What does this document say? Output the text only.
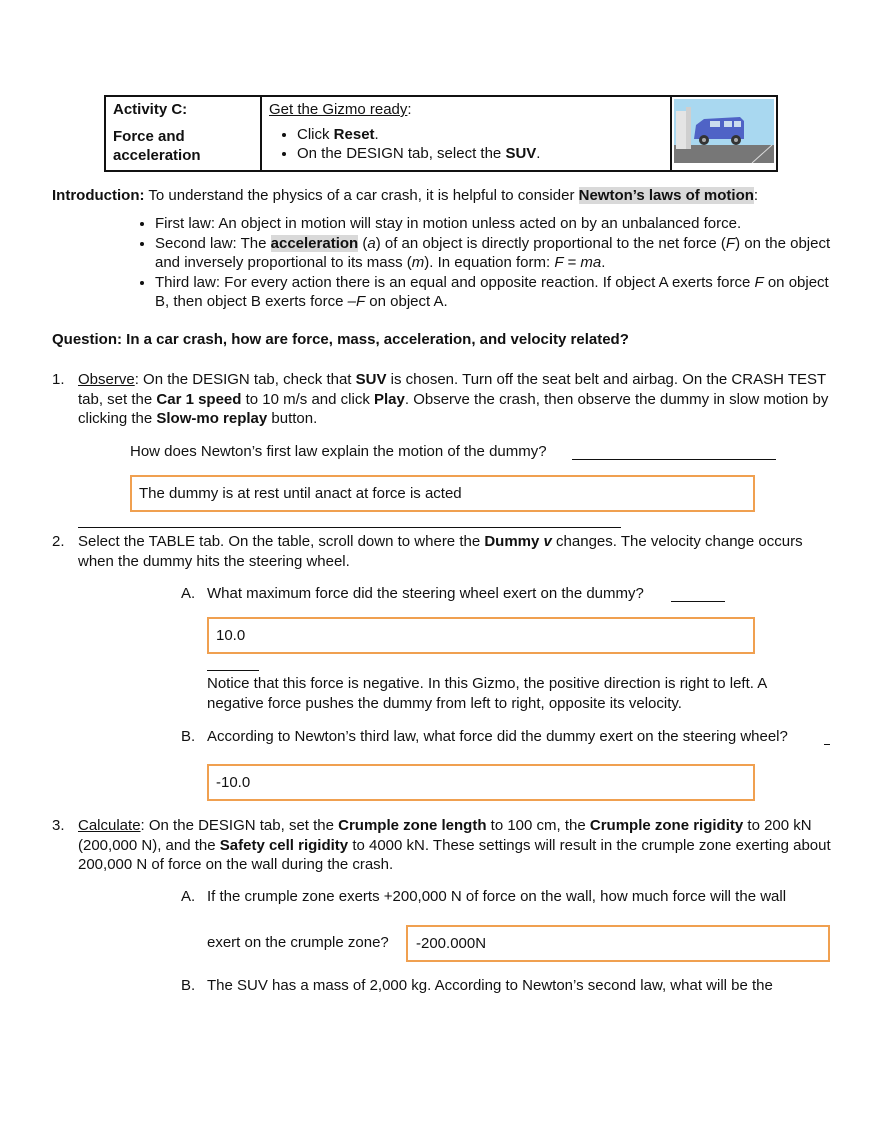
Activity C:
Force and acceleration

Get the Gizmo ready:
• Click Reset.
• On the DESIGN tab, select the SUV.

Introduction: To understand the physics of a car crash, it is helpful to consider Newton’s laws of motion:
• First law: An object in motion will stay in motion unless acted on by an unbalanced force.
• Second law: The acceleration (a) of an object is directly proportional to the net force (F) on the object and inversely proportional to its mass (m). In equation form: F = ma.
• Third law: For every action there is an equal and opposite reaction. If object A exerts force F on object B, then object B exerts force –F on object A.
Question: In a car crash, how are force, mass, acceleration, and velocity related?
1. Observe: On the DESIGN tab, check that SUV is chosen. Turn off the seat belt and airbag. On the CRASH TEST tab, set the Car 1 speed to 10 m/s and click Play. Observe the crash, then observe the dummy in slow motion by clicking the Slow-mo replay button.
How does Newton’s first law explain the motion of the dummy?
The dummy is at rest until anact at force is acted
2. Select the TABLE tab. On the table, scroll down to where the Dummy v changes. The velocity change occurs when the dummy hits the steering wheel.
A. What maximum force did the steering wheel exert on the dummy?
10.0
Notice that this force is negative. In this Gizmo, the positive direction is right to left. A negative force pushes the dummy from left to right, opposite its velocity.
B. According to Newton’s third law, what force did the dummy exert on the steering wheel?
-10.0
3. Calculate: On the DESIGN tab, set the Crumple zone length to 100 cm, the Crumple zone rigidity to 200 kN (200,000 N), and the Safety cell rigidity to 4000 kN. These settings will result in the crumple zone exerting about 200,000 N of force on the wall during the crash.
A. If the crumple zone exerts +200,000 N of force on the wall, how much force will the wall
exert on the crumple zone?	-200.000N
B. The SUV has a mass of 2,000 kg. According to Newton’s second law, what will be the
